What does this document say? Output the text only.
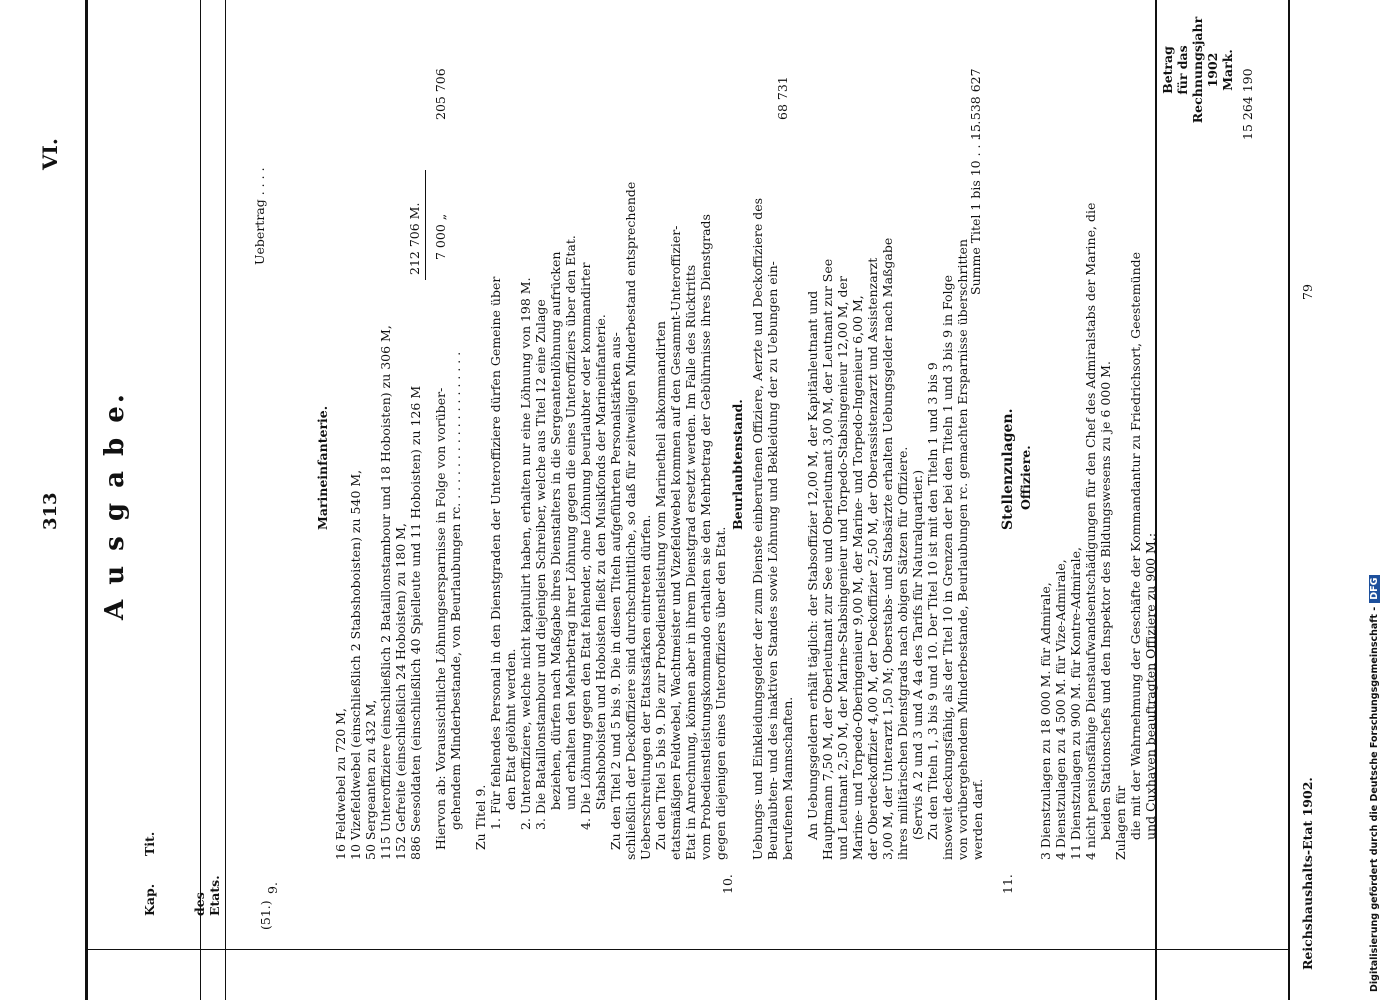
313
VI.
A u s g a b e.
Kap.
Tit.
des Etats.
Betrag für das Rechnungsjahr 1902 Mark.
(51.)
Uebertrag . . . .
15 264 190
9.
Marineinfanterie.
16 Feldwebel zu 720 M, 10 Vizefeldwebel (einschließlich 2 Stabshoboisten) zu 540 M, 50 Sergeanten zu 432 M, 115 Unteroffiziere (einschließlich 2 Bataillonstambour und 18 Hoboisten) zu 306 M, 152 Gefreite (einschließlich 24 Hoboisten) zu 180 M, 886 Seesoldaten (einschließlich 40 Spielleute und 11 Hoboisten) zu 126 M Hiervon ab: Voraussichtliche Löhnungsersparnisse in Folge von vorüber- gehendem Minderbestande, von Beurlaubungen rc. . . . . . . . . . . . . . . . . . . . Zu Titel 9. 1. Für fehlendes Personal in den Dienstgraden der Unteroffiziere dürfen Gemeine über den Etat gelöhnt werden. 2. Unteroffiziere, welche nicht kapitulirt haben, erhalten nur eine Löhnung von 198 M. 3. Die Bataillonstambour und diejenigen Schreiber, welche aus Titel 12 eine Zulage beziehen, dürfen nach Maßgabe ihres Dienstalters in die Sergeantenlöhnung aufrücken und erhalten den Mehrbetrag ihrer Löhnung gegen die eines Unteroffiziers über den Etat. 4. Die Löhnung gegen den Etat fehlender, ohne Löhnung beurlaubter oder kommandirter Stabshoboisten und Hoboisten fließt zu den Musikfonds der Marineinfanterie. Zu den Titel 2 und 5 bis 9. Die in diesen Titeln aufgeführten Personalstärken aus- schließlich der Deckoffiziere sind durchschnittliche, so daß für zeitweiligen Minderbestand entsprechende Ueberschreitungen der Etatsstärken eintreten dürfen. Zu den Titel 5 bis 9. Die zur Probedienstleistung vom Marinetheil abkommandirten etatsmäßigen Feldwebel, Wachtmeister und Vizefeldwebel kommen auf den Gesammt-Unteroffizier- Etat in Anrechnung, können aber in ihrem Dienstgrad ersetzt werden. Im Falle des Rücktritts vom Probedienstleistungskommando erhalten sie den Mehrbetrag der Gebührnisse ihres Dienstgrads gegen diejenigen eines Unteroffiziers über den Etat.
212 706 M. 7 000 „
205 706
10.
Beurlaubtenstand. Uebungs- und Einkleidungsgelder der zum Dienste einberufenen Offiziere, Aerzte und Deckoffiziere des Beurlaubten- und des inaktiven Standes sowie Löhnung und Bekleidung der zu Uebungen ein- berufenen Mannschaften. An Uebungsgeldern erhält täglich: der Stabsoffizier 12,00 M, der Kapitänleutnant und Hauptmann 7,50 M, der Oberleutnant zur See und Oberleutnant 3,00 M, der Leutnant zur See und Leutnant 2,50 M, der Marine-Stabsingenieur und Torpedo-Stabsingenieur 12,00 M, der Marine- und Torpedo-Oberingenieur 9,00 M, der Marine- und Torpedo-Ingenieur 6,00 M, der Oberdeckoffizier 4,00 M, der Deckoffizier 2,50 M, der Oberassistenzarzt und Assistenzarzt 3,00 M, der Unterarzt 1,50 M; Oberstabs- und Stabsärzte erhalten Uebungsgelder nach Maßgabe ihres militärischen Dienstgrads nach obigen Sätzen für Offiziere. (Servis A 2 und 3 und A 4a des Tarifs für Naturalquartier.) Zu den Titeln 1, 3 bis 9 und 10. Der Titel 10 ist mit den Titeln 1 und 3 bis 9 insoweit deckungsfähig, als der Titel 10 in Grenzen der bei den Titeln 1 und 3 bis 9 in Folge von vorübergehendem Minderbestande, Beurlaubungen rc. gemachten Ersparnisse überschritten werden darf.
68 731
Summe Titel 1 bis 10 . . . . .
15 538 627
11.
Stellenzulagen. Offiziere.
3 Dienstzulagen zu 18 000 M. für Admirale, 4 Dienstzulagen zu 4 500 M. für Vize-Admirale, 11 Dienstzulagen zu 900 M. für Kontre-Admirale, 4 nicht pensionsfähige Dienstaufwandsentschädigungen für den Chef des Admiralstabs der Marine, die beiden Stationschefs und den Inspektor des Bildungswesens zu je 6 000 M. Zulagen für die mit der Wahrnehmung der Geschäfte der Kommandantur zu Friedrichsort, Geestemünde und Cuxhaven beauftragten Offiziere zu 900 M.;
Reichshaushalts-Etat 1902.
79
Digitalisierung gefördert durch die Deutsche Forschungsgemeinschaft -DFG
